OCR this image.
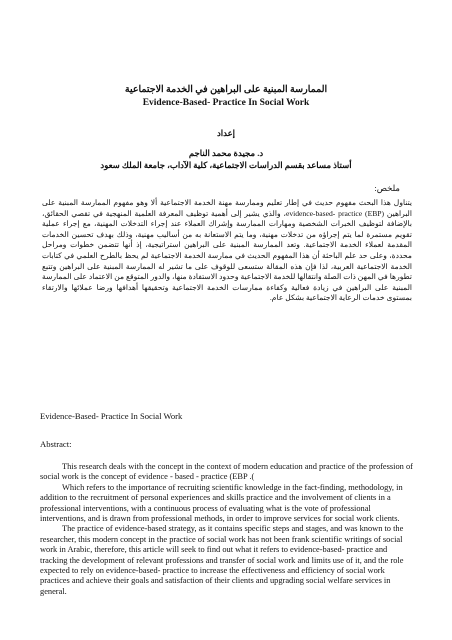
الممارسة المبنية على البراهين في الخدمة الاجتماعية
Evidence-Based- Practice In Social Work
إعداد
د. مجيدة محمد الناجم
أستاذ مساعد بقسم الدراسات الاجتماعية، كلية الآداب، جامعة الملك سعود
ملخص:

يتناول هذا البحث مفهوم حديث في إطار تعليم وممارسة مهنة الخدمة الاجتماعية ألا وهو مفهوم الممارسة المبنية على البراهين (EBP) evidence-based- practice، والذي يشير إلى أهمية توظيف المعرفة العلمية المنهجية في تقصي الحقائق، بالإضافة لتوظيف الخبرات الشخصية ومهارات الممارسة وإشراك العملاء عند إجراء التدخلات المهنية، مع إجراء عملية تقويم مستمرة لما يتم إجراؤه من تدخلات مهنية، وما يتم الاستعانة به من أساليب مهنية، وذلك بهدف تحسين الخدمات المقدمة لعملاء الخدمة الاجتماعية. وتعد الممارسة المبنية على البراهين استراتيجية، إذ أنها تتضمن خطوات ومراحل محددة، وعلى حد علم الباحثة أن هذا المفهوم الحديث في ممارسة الخدمة الاجتماعية لم يحظ بالطرح العلمي في كتابات الخدمة الاجتماعية العربية، لذا فإن هذه المقالة ستسعى للوقوف على ما تشير له الممارسة المبنية على البراهين وتتبع تطورها في المهن ذات الصلة وانتقالها للخدمة الاجتماعية وحدود الاستفادة منها، والدور المتوقع من الاعتماد على الممارسة المبنية على البراهين في زيادة فعالية وكفاءة ممارسات الخدمة الاجتماعية وتحقيقها أهدافها ورضا عملائها والارتقاء بمستوى خدمات الرعاية الاجتماعية بشكل عام.

Evidence-Based- Practice In Social Work
Abstract:

This research deals with the concept in the context of modern education and practice of the profession of social work is the concept of evidence - based - practice (EBP .(

Which refers to the importance of recruiting scientific knowledge in the fact-finding, methodology, in addition to the recruitment of personal experiences and skills practice and the involvement of clients in a professional interventions, with a continuous process of evaluating what is the vote of professional interventions, and is drawn from professional methods, in order to improve services for social work clients.

The practice of evidence-based strategy, as it contains specific steps and stages, and was known to the researcher, this modern concept in the practice of social work has not been frank scientific writings of social work in Arabic, therefore, this article will seek to find out what it refers to evidence-based- practice and tracking the development of relevant professions and transfer of social work and limits use of it, and the role expected to rely on evidence-based- practice to increase the effectiveness and efficiency of social work practices and achieve their goals and satisfaction of their clients and upgrading social welfare services in general.
